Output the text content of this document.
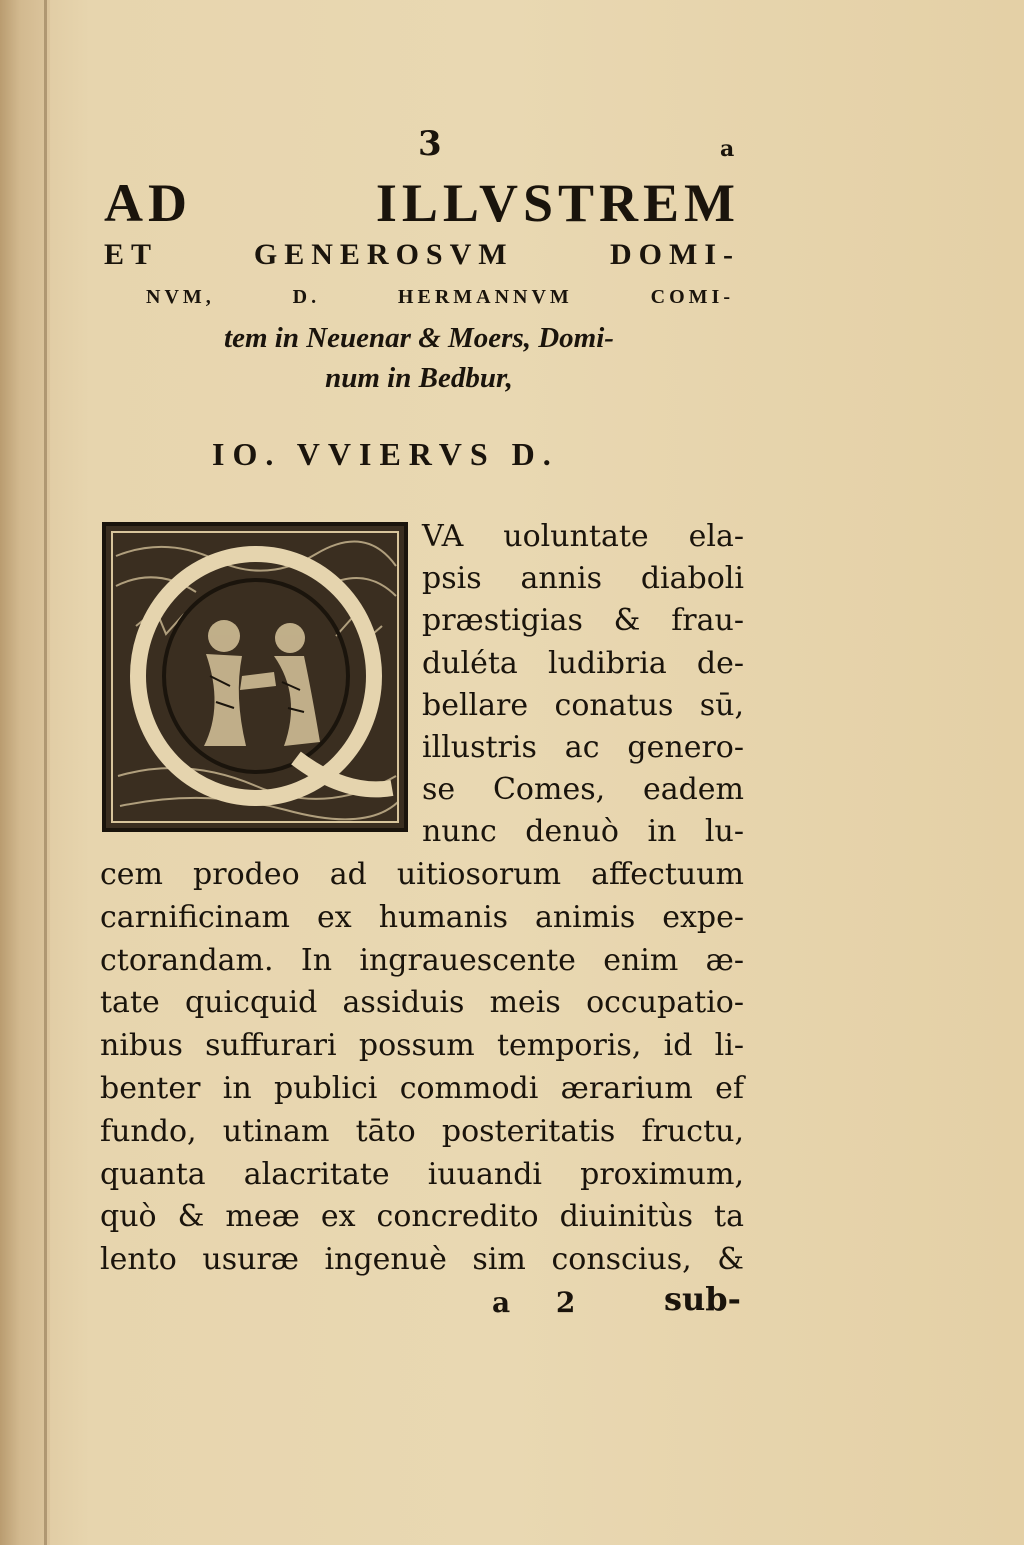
3	a
AD ILLVSTREM
ET GENEROSVM DOMI-
NVM, D. HERMANNVM COMI-
tem in Neuenar & Moers, Domi-
num in Bedbur,
IO. VVIERVS D.
VA uoluntate ela-
psis annis diaboli
præstigias & frau-
duléta ludibria de-
bellare conatus sū,
illustris ac genero-
se Comes, eadem
nunc denuò in lu-
cem prodeo ad uitiosorum affectuum
carnificinam ex humanis animis expe-
ctorandam. In ingrauescente enim æ-
tate quicquid assiduis meis occupatio-
nibus suffurari possum temporis, id li-
benter in publici commodi ærarium ef
fundo, utinam tāto posteritatis fructu,
quanta alacritate iuuandi proximum,
quò & meæ ex concredito diuinitùs ta
lento usuræ ingenuè sim conscius, &
a 2 sub-
